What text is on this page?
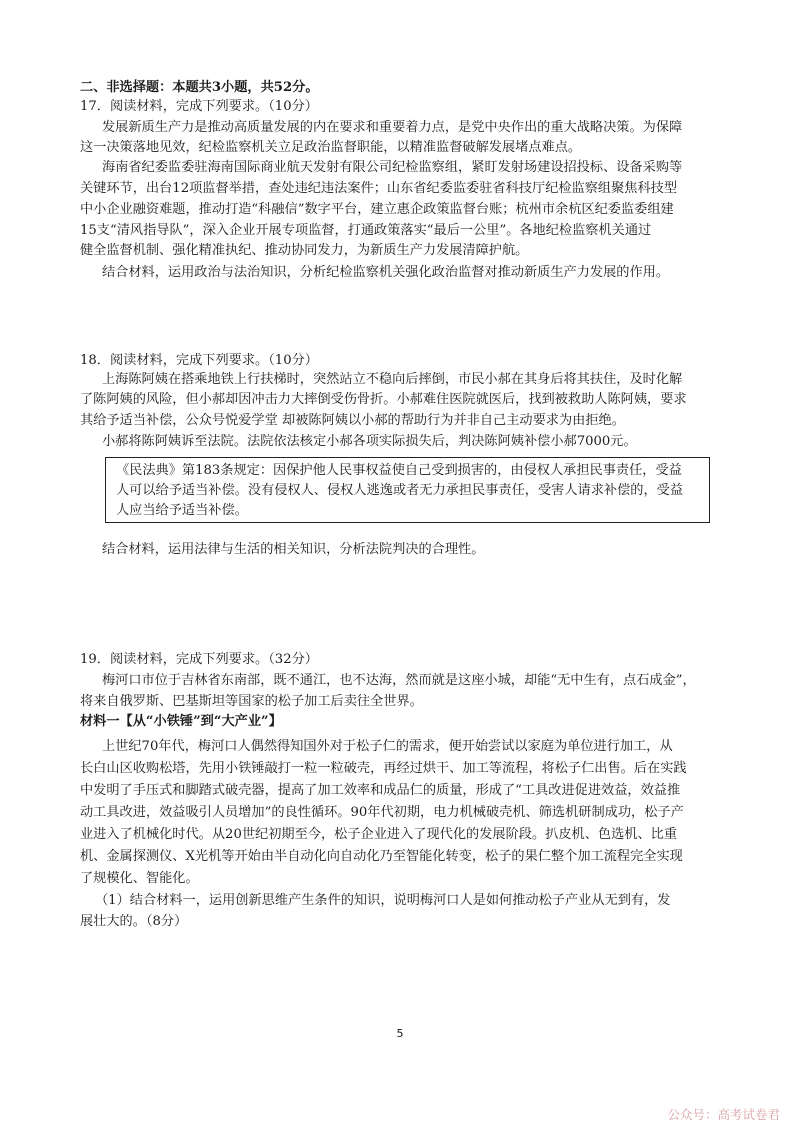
二、非选择题：本题共3小题，共52分。
17．阅读材料，完成下列要求。（10分）
发展新质生产力是推动高质量发展的内在要求和重要着力点，是党中央作出的重大战略决策。为保障
这一决策落地见效，纪检监察机关立足政治监督职能，以精准监督破解发展堵点难点。
海南省纪委监委驻海南国际商业航天发射有限公司纪检监察组，紧盯发射场建设招投标、设备采购等
关键环节，出台12项监督举措，查处违纪违法案件；山东省纪委监委驻省科技厅纪检监察组聚焦科技型
中小企业融资难题，推动打造“科融信”数字平台，建立惠企政策监督台账；杭州市余杭区纪委监委组建
15支“清风指导队”，深入企业开展专项监督，打通政策落实“最后一公里”。各地纪检监察机关通过
健全监督机制、强化精准执纪、推动协同发力，为新质生产力发展清障护航。
结合材料，运用政治与法治知识，分析纪检监察机关强化政治监督对推动新质生产力发展的作用。
18．阅读材料，完成下列要求。（10分）
上海陈阿姨在搭乘地铁上行扶梯时，突然站立不稳向后摔倒，市民小郝在其身后将其扶住，及时化解
了陈阿姨的风险，但小郝却因冲击力大摔倒受伤骨折。小郝难住医院就医后，找到被救助人陈阿姨，要求
其给予适当补偿，公众号悦爱学堂 却被陈阿姨以小郝的帮助行为并非自己主动要求为由拒绝。
小郝将陈阿姨诉至法院。法院依法核定小郝各项实际损失后，判决陈阿姨补偿小郝7000元。
《民法典》第183条规定：因保护他人民事权益使自己受到损害的，由侵权人承担民事责任，受益
人可以给予适当补偿。没有侵权人、侵权人逃逸或者无力承担民事责任，受害人请求补偿的，受益
人应当给予适当补偿。
结合材料，运用法律与生活的相关知识，分析法院判决的合理性。
19．阅读材料，完成下列要求。（32分）
梅河口市位于吉林省东南部，既不通江，也不达海，然而就是这座小城，却能“无中生有，点石成金”，
将来自俄罗斯、巴基斯坦等国家的松子加工后卖往全世界。
材料一【从“小铁锤”到“大产业”】
上世纪70年代，梅河口人偶然得知国外对于松子仁的需求，便开始尝试以家庭为单位进行加工，从
长白山区收购松塔，先用小铁锤敲打一粒一粒破壳，再经过烘干、加工等流程，将松子仁出售。后在实践
中发明了手压式和脚踏式破壳器，提高了加工效率和成品仁的质量，形成了“工具改进促进效益，效益推
动工具改进，效益吸引人员增加”的良性循环。90年代初期，电力机械破壳机、筛选机研制成功，松子产
业进入了机械化时代。从20世纪初期至今，松子企业进入了现代化的发展阶段。扒皮机、色选机、比重
机、金属探测仪、X光机等开始由半自动化向自动化乃至智能化转变，松子的果仁整个加工流程完全实现
了规模化、智能化。
（1）结合材料一，运用创新思维产生条件的知识，说明梅河口人是如何推动松子产业从无到有，发
展壮大的。（8分）
5
公众号：高考试卷君
